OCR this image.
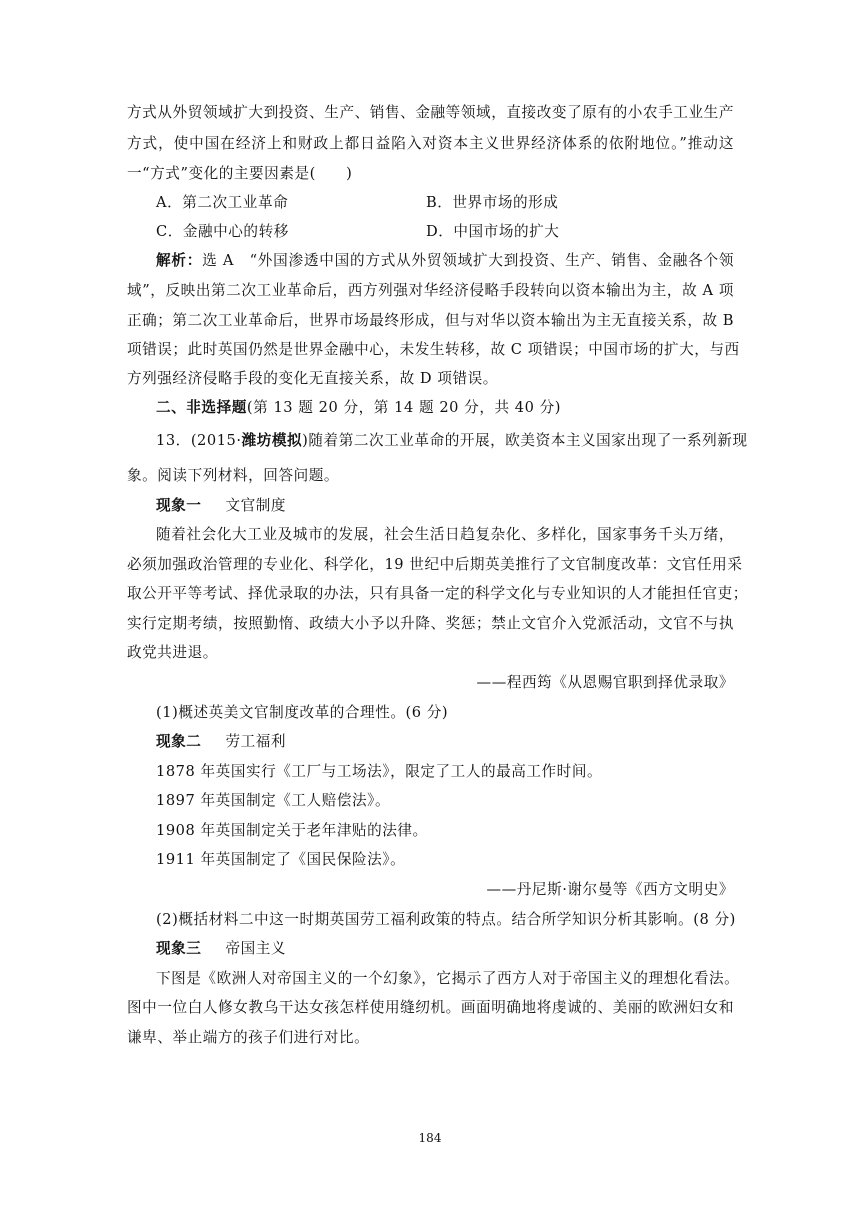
方式从外贸领域扩大到投资、生产、销售、金融等领域，直接改变了原有的小农手工业生产
方式，使中国在经济上和财政上都日益陷入对资本主义世界经济体系的依附地位。”推动这
一“方式”变化的主要因素是(　　)
A．第二次工业革命	B．世界市场的形成
C．金融中心的转移	D．中国市场的扩大
解析：选 A　“外国渗透中国的方式从外贸领域扩大到投资、生产、销售、金融各个领
域”，反映出第二次工业革命后，西方列强对华经济侵略手段转向以资本输出为主，故 A 项
正确；第二次工业革命后，世界市场最终形成，但与对华以资本输出为主无直接关系，故 B
项错误；此时英国仍然是世界金融中心，未发生转移，故 C 项错误；中国市场的扩大，与西
方列强经济侵略手段的变化无直接关系，故 D 项错误。
二、非选择题(第 13 题 20 分，第 14 题 20 分，共 40 分)
13．(2015·潍坊模拟)随着第二次工业革命的开展，欧美资本主义国家出现了一系列新现
象。阅读下列材料，回答问题。
现象一 文官制度
随着社会化大工业及城市的发展，社会生活日趋复杂化、多样化，国家事务千头万绪，
必须加强政治管理的专业化、科学化，19 世纪中后期英美推行了文官制度改革：文官任用采
取公开平等考试、择优录取的办法，只有具备一定的科学文化与专业知识的人才能担任官吏；
实行定期考绩，按照勤惰、政绩大小予以升降、奖惩；禁止文官介入党派活动，文官不与执
政党共进退。
——程西筠《从恩赐官职到择优录取》
(1)概述英美文官制度改革的合理性。(6 分)
现象二 劳工福利
1878 年英国实行《工厂与工场法》，限定了工人的最高工作时间。
1897 年英国制定《工人赔偿法》。
1908 年英国制定关于老年津贴的法律。
1911 年英国制定了《国民保险法》。
——丹尼斯·谢尔曼等《西方文明史》
(2)概括材料二中这一时期英国劳工福利政策的特点。结合所学知识分析其影响。(8 分)
现象三 帝国主义
下图是《欧洲人对帝国主义的一个幻象》，它揭示了西方人对于帝国主义的理想化看法。
图中一位白人修女教乌干达女孩怎样使用缝纫机。画面明确地将虔诚的、美丽的欧洲妇女和
谦卑、举止端方的孩子们进行对比。
184
